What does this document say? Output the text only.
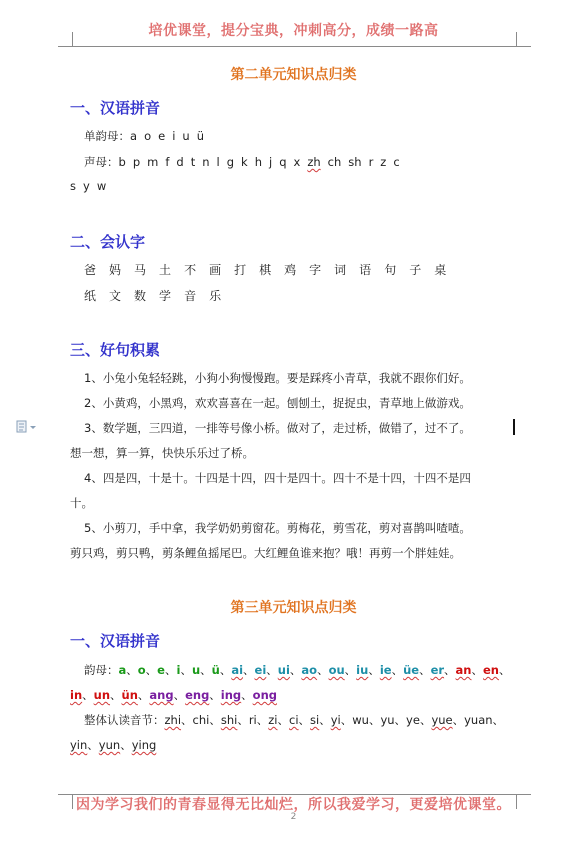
培优课堂，提分宝典，冲刺高分，成绩一路高
第二单元知识点归类
一、汉语拼音
单韵母：a o e i u ü
声母：b p m f d t n l g k h j q x zh ch sh r z c
s y w
二、会认字
爸 妈 马 土 不 画 打 棋 鸡 字 词 语 句 子 桌
纸 文 数 学 音 乐
三、好句积累
1、小兔小兔轻轻跳，小狗小狗慢慢跑。要是踩疼小青草，我就不跟你们好。
2、小黄鸡，小黑鸡，欢欢喜喜在一起。刨刨土，捉捉虫，青草地上做游戏。
3、数学题，三四道，一排等号像小桥。做对了，走过桥，做错了，过不了。
想一想，算一算，快快乐乐过了桥。
4、四是四，十是十。十四是十四，四十是四十。四十不是十四，十四不是四
十。
5、小剪刀，手中拿，我学奶奶剪窗花。剪梅花，剪雪花，剪对喜鹊叫喳喳。
剪只鸡，剪只鸭，剪条鲤鱼摇尾巴。大红鲤鱼谁来抱？哦！再剪一个胖娃娃。
第三单元知识点归类
一、汉语拼音
韵母：a、o、e、i、u、ü、ai、ei、ui、ao、ou、iu、ie、üe、er、an、en、
in、un、ün、ang、eng、ing、ong
整体认读音节：zhi、chi、shi、ri、zi、ci、si、yi、wu、yu、ye、yue、yuan、
yin、yun、ying
因为学习我们的青春显得无比灿烂，所以我爱学习，更爱培优课堂。
2
